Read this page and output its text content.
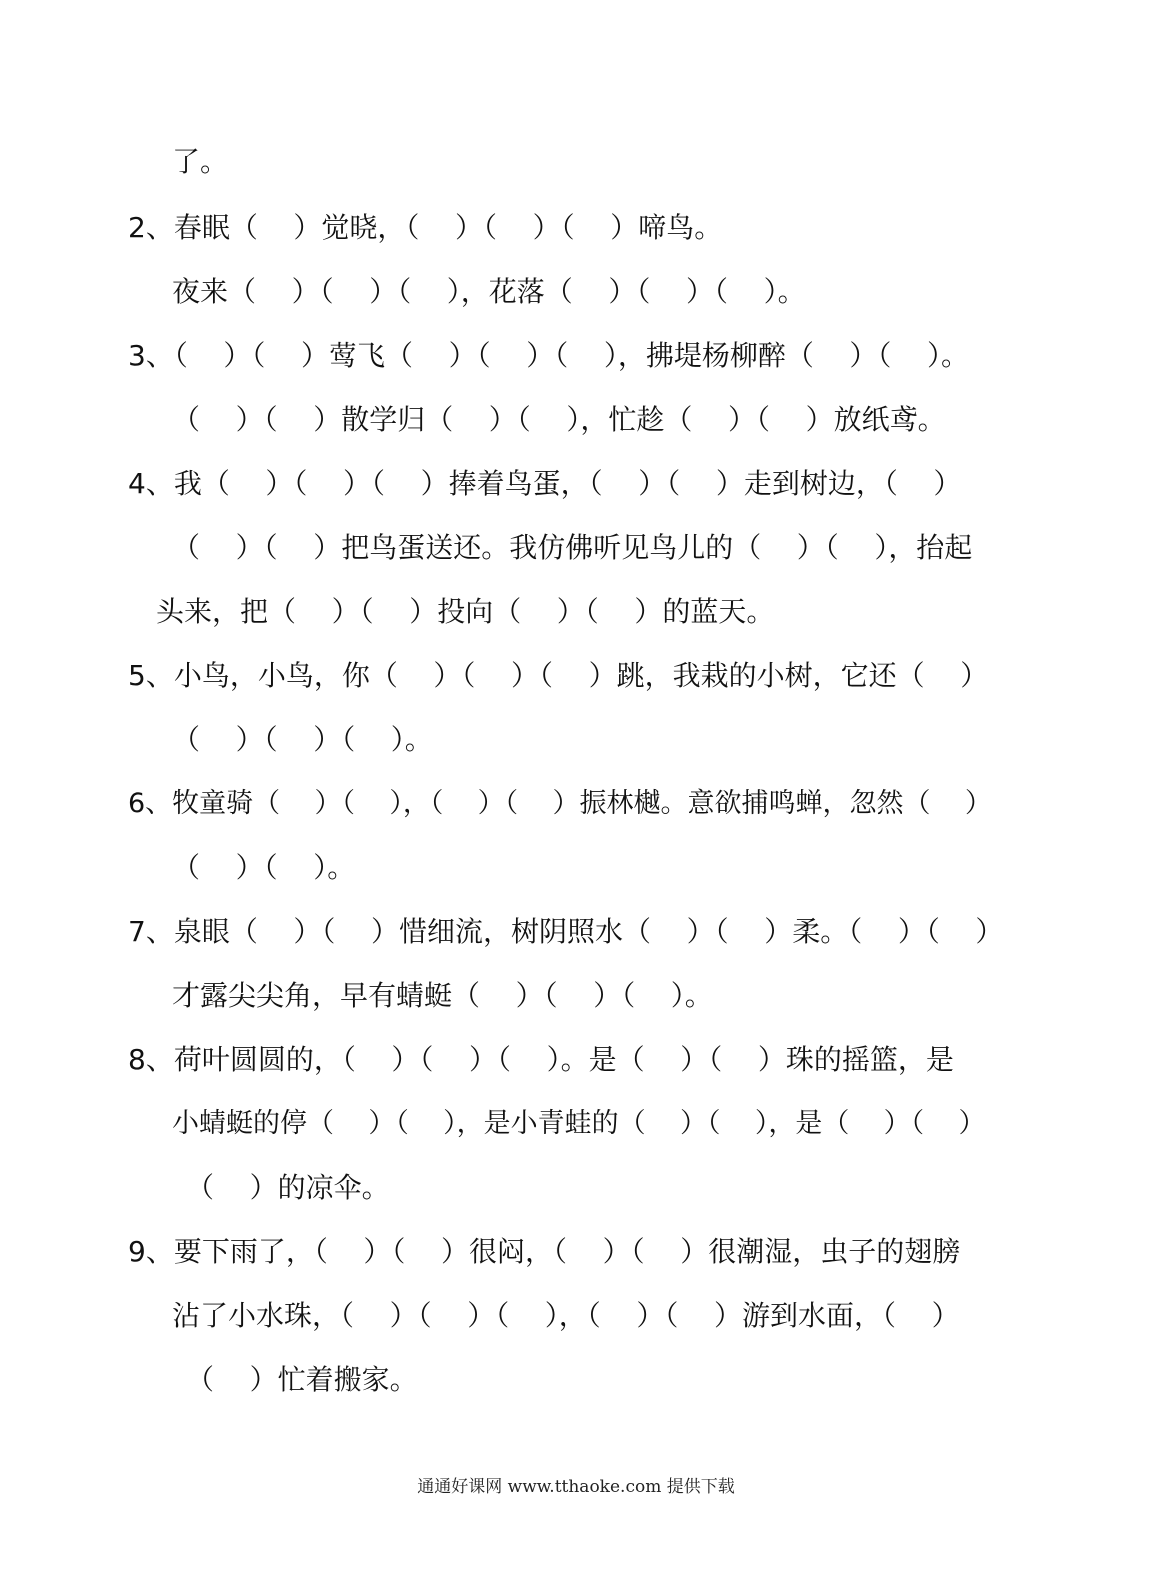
了。
2、春眠（    ）觉晓，（    ）（    ）（    ）啼鸟。
夜来（    ）（    ）（    ），花落（    ）（    ）（    ）。
3、（    ）（    ）莺飞（    ）（    ）（    ），拂堤杨柳醉（    ）（    ）。
（    ）（    ）散学归（    ）（    ），忙趁（    ）（    ）放纸鸢。
4、我（    ）（    ）（    ）捧着鸟蛋，（    ）（    ）走到树边，（    ）
（    ）（    ）把鸟蛋送还。我仿佛听见鸟儿的（    ）（    ），抬起
头来，把（    ）（    ）投向（    ）（    ）的蓝天。
5、小鸟，小鸟，你（    ）（    ）（    ）跳，我栽的小树，它还（    ）
（    ）（    ）（    ）。
6、牧童骑（    ）（    ），（    ）（    ）振林樾。意欲捕鸣蝉，忽然（    ）
（    ）（    ）。
7、泉眼（    ）（    ）惜细流，树阴照水（    ）（    ）柔。（    ）（    ）
才露尖尖角，早有蜻蜓（    ）（    ）（    ）。
8、荷叶圆圆的，（    ）（    ）（    ）。是（    ）（    ）珠的摇篮，是
小蜻蜓的停（    ）（    ），是小青蛙的（    ）（    ），是（    ）（    ）
（    ）的凉伞。
9、要下雨了，（    ）（    ）很闷，（    ）（    ）很潮湿，虫子的翅膀
沾了小水珠，（    ）（    ）（    ），（    ）（    ）游到水面，（    ）
（    ）忙着搬家。
通通好课网 www.tthaoke.com 提供下载
